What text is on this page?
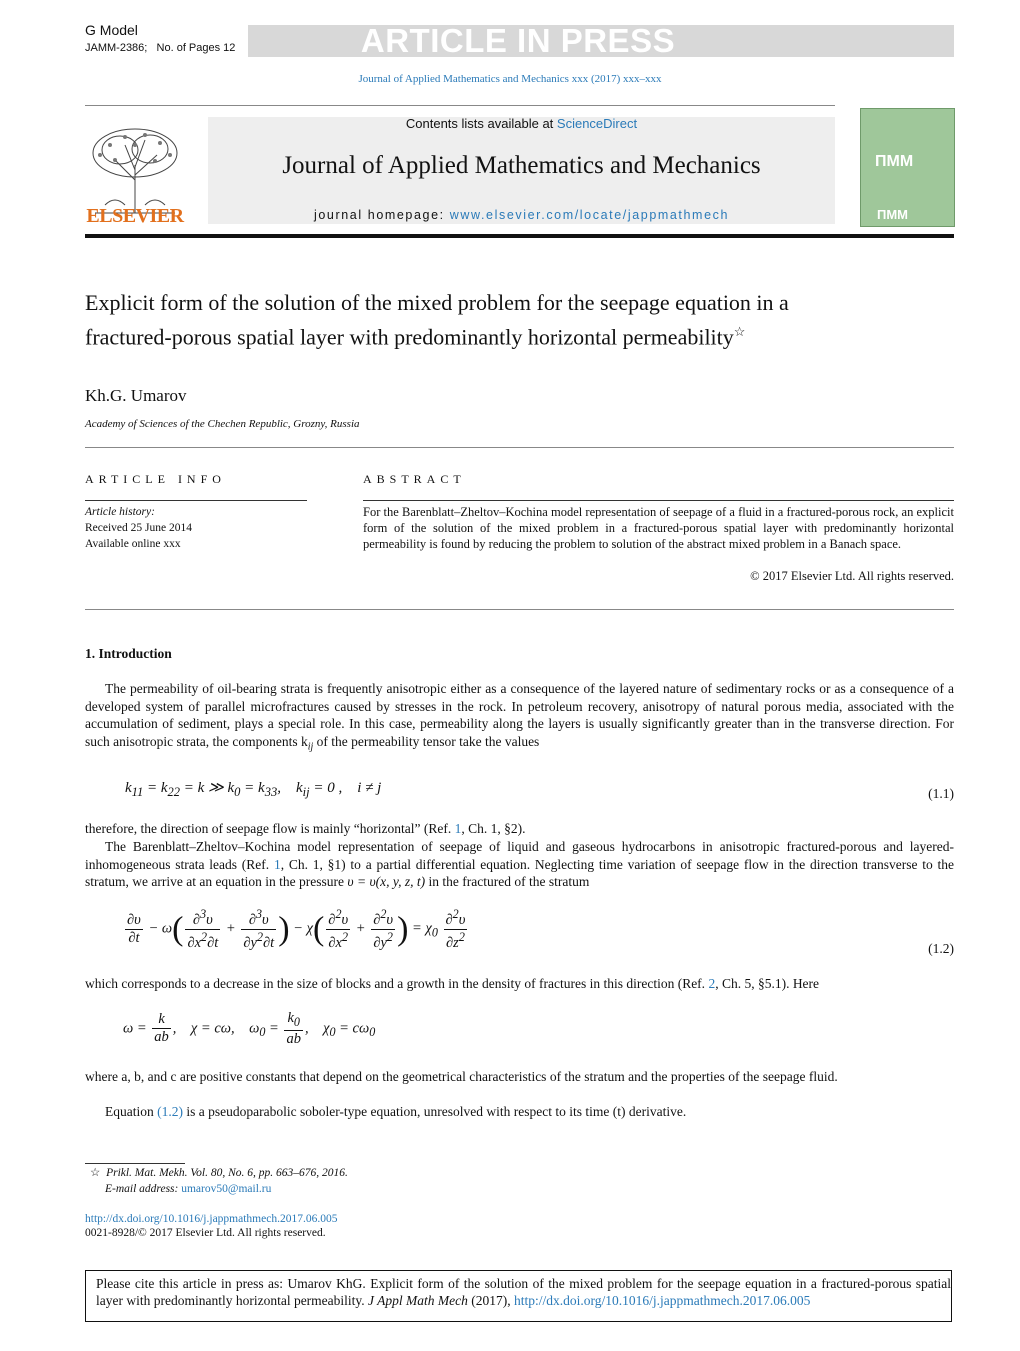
G Model
JAMM-2386; No. of Pages 12	ARTICLE IN PRESS
Journal of Applied Mathematics and Mechanics xxx (2017) xxx–xxx
ELSEVIER
Contents lists available at ScienceDirect
Journal of Applied Mathematics and Mechanics
journal homepage: www.elsevier.com/locate/jappmathmech
ПММ
ПММ
Explicit form of the solution of the mixed problem for the seepage equation in a fractured-porous spatial layer with predominantly horizontal permeability☆
Kh.G. Umarov
Academy of Sciences of the Chechen Republic, Grozny, Russia
ARTICLE INFO	ABSTRACT
Article history:
Received 25 June 2014
Available online xxx
For the Barenblatt–Zheltov–Kochina model representation of seepage of a fluid in a fractured-porous rock, an explicit form of the solution of the mixed problem in a fractured-porous spatial layer with predominantly horizontal permeability is found by reducing the problem to solution of the abstract mixed problem in a Banach space.
© 2017 Elsevier Ltd. All rights reserved.
1. Introduction
The permeability of oil-bearing strata is frequently anisotropic either as a consequence of the layered nature of sedimentary rocks or as a consequence of a developed system of parallel microfractures caused by stresses in the rock. In petroleum recovery, anisotropy of natural porous media, associated with the accumulation of sediment, plays a special role. In this case, permeability along the layers is usually significantly greater than in the transverse direction. For such anisotropic strata, the components $k_{ij}$ of the permeability tensor take the values
$k_{11} = k_{22} = k$ ≫ $k_0 = k_{33}$,    $k_{ij} = 0$ ,    i ≠ j	(1.1)
therefore, the direction of seepage flow is mainly “horizontal” (Ref. 1, Ch. 1, §2).
The Barenblatt–Zheltov–Kochina model representation of seepage of liquid and gaseous hydrocarbons in anisotropic fractured-porous and layered-inhomogeneous strata leads (Ref. 1, Ch. 1, §1) to a partial differential equation. Neglecting time variation of seepage flow in the direction transverse to the stratum, we arrive at an equation in the pressure υ = υ(x, y, z, t) in the fractured of the stratum
$\frac{\partial\upsilon}{\partial t} - \omega( \frac{\partial^3\upsilon}{\partial x^2\partial t} + \frac{\partial^3\upsilon}{\partial y^2\partial t}$ ) − $\chi( \frac{\partial^2\upsilon}{\partial x^2} + \frac{\partial^2\upsilon}{\partial y^2}$ ) = $\chi_0 \frac{\partial^2\upsilon}{\partial z^2}$	(1.2)
which corresponds to a decrease in the size of blocks and a growth in the density of fractures in this direction (Ref. 2, Ch. 5, §5.1). Here
$\omega = \frac{k}{ab}$ ,    χ = cω,    $\omega_0 = \frac{k_0}{ab}$ ,    $\chi_0 = c\omega_0$
where a, b, and c are positive constants that depend on the geometrical characteristics of the stratum and the properties of the seepage fluid.
Equation (1.2) is a pseudoparabolic soboler-type equation, unresolved with respect to its time (t) derivative.
☆ Prikl. Mat. Mekh. Vol. 80, No. 6, pp. 663–676, 2016.
E-mail address: umarov50@mail.ru
http://dx.doi.org/10.1016/j.jappmathmech.2017.06.005
0021-8928/© 2017 Elsevier Ltd. All rights reserved.
Please cite this article in press as: Umarov KhG. Explicit form of the solution of the mixed problem for the seepage equation in a fractured-porous spatial layer with predominantly horizontal permeability. J Appl Math Mech (2017), http://dx.doi.org/10.1016/j.jappmathmech.2017.06.005
